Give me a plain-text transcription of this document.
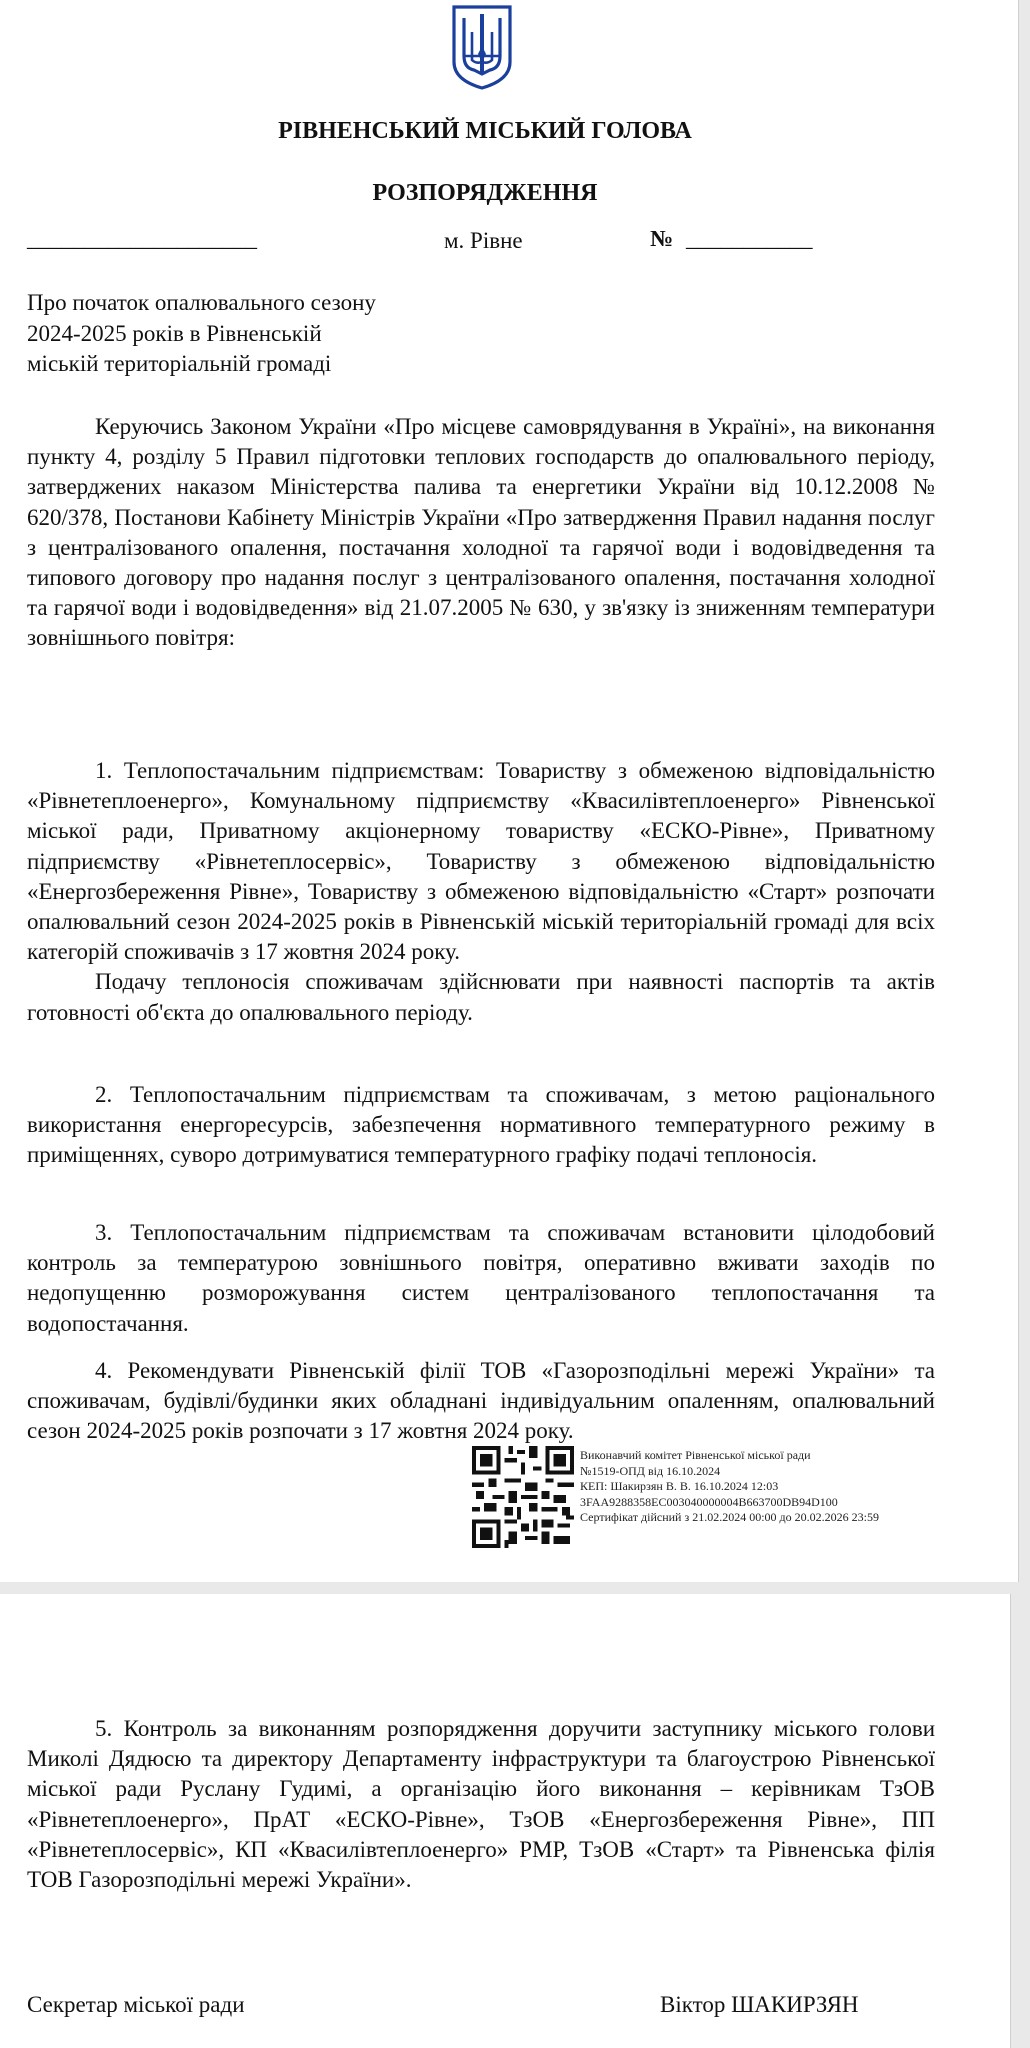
РІВНЕНСЬКИЙ МІСЬКИЙ ГОЛОВА
РОЗПОРЯДЖЕННЯ
____________________	м. Рівне	№ ___________
Про початок опалювального сезону
2024-2025 років в Рівненській
міській територіальній громаді

Керуючись Законом України «Про місцеве самоврядування в Україні», на виконання пункту 4, розділу 5 Правил підготовки теплових господарств до опалювального періоду, затверджених наказом Міністерства палива та енергетики України від 10.12.2008 № 620/378, Постанови Кабінету Міністрів України «Про затвердження Правил надання послуг з централізованого опалення, постачання холодної та гарячої води і водовідведення та типового договору про надання послуг з централізованого опалення, постачання холодної та гарячої води і водовідведення» від 21.07.2005 № 630, у зв'язку із зниженням температури зовнішнього повітря:

1. Теплопостачальним підприємствам: Товариству з обмеженою відповідальністю «Рівнетеплоенерго», Комунальному підприємству «Квасилівтеплоенерго» Рівненської міської ради, Приватному акціонерному товариству «ЕСКО-Рівне», Приватному підприємству «Рівнетеплосервіс», Товариству з обмеженою відповідальністю «Енергозбереження Рівне», Товариству з обмеженою відповідальністю «Старт» розпочати опалювальний сезон 2024-2025 років в Рівненській міській територіальній громаді для всіх категорій споживачів з 17 жовтня 2024 року.

Подачу теплоносія споживачам здійснювати при наявності паспортів та актів готовності об'єкта до опалювального періоду.

2. Теплопостачальним підприємствам та споживачам, з метою раціонального використання енергоресурсів, забезпечення нормативного температурного режиму в приміщеннях, суворо дотримуватися температурного графіку подачі теплоносія.

3. Теплопостачальним підприємствам та споживачам встановити цілодобовий контроль за температурою зовнішнього повітря, оперативно вживати заходів по недопущенню розморожування систем централізованого теплопостачання та водопостачання.

4. Рекомендувати Рівненській філії ТОВ «Газорозподільні мережі України» та споживачам, будівлі/будинки яких обладнані індивідуальним опаленням, опалювальний сезон 2024-2025 років розпочати з 17 жовтня 2024 року.

Виконавчий комітет Рівненської міської ради
№1519-ОПД від 16.10.2024
КЕП: Шакирзян В. В. 16.10.2024 12:03
3FAA9288358EC003040000004B663700DB94D100
Сертифікат дійсний з 21.02.2024 00:00 до 20.02.2026 23:59

5. Контроль за виконанням розпорядження доручити заступнику міського голови Миколі Дядюсю та директору Департаменту інфраструктури та благоустрою Рівненської міської ради Руслану Гудимі, а організацію його виконання – керівникам ТзОВ «Рівнетеплоенерго», ПрАТ «ЕСКО-Рівне», ТзОВ «Енергозбереження Рівне», ПП «Рівнетеплосервіс», КП «Квасилівтеплоенерго» РМР, ТзОВ «Старт» та Рівненська філія ТОВ Газорозподільні мережі України».

Секретар міської ради	Віктор ШАКИРЗЯН
